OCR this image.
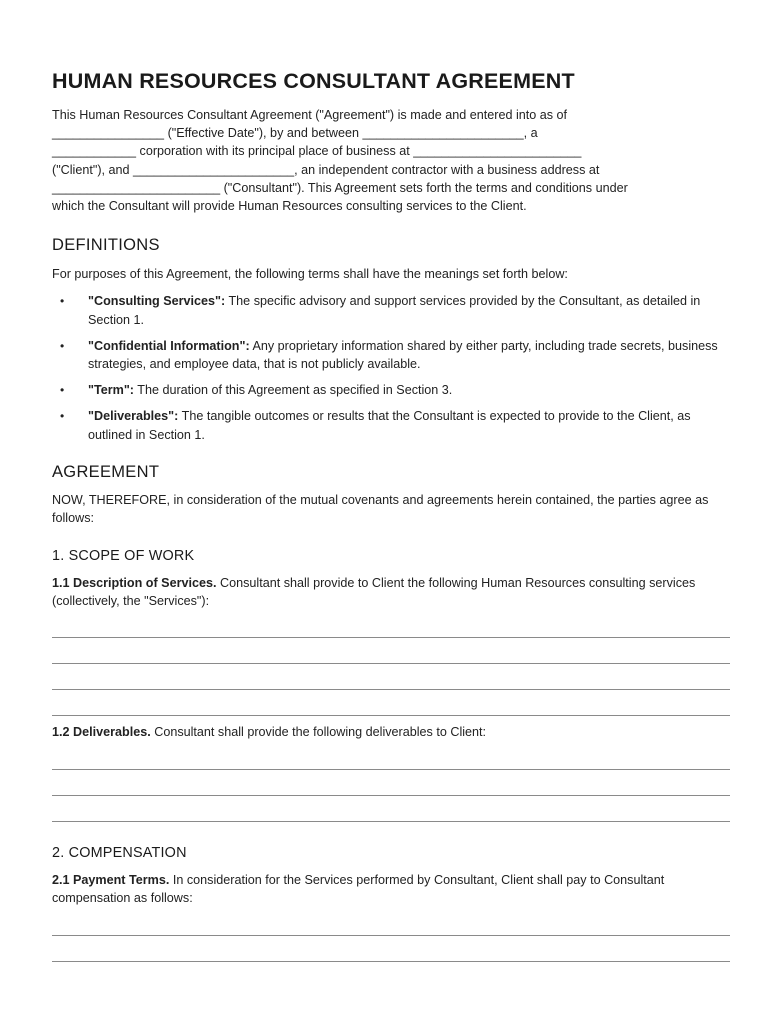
HUMAN RESOURCES CONSULTANT AGREEMENT

This Human Resources Consultant Agreement ("Agreement") is made and entered into as of

________________ ("Effective Date"), by and between _______________________, a

____________ corporation with its principal place of business at ________________________

("Client"), and _______________________, an independent contractor with a business address at

________________________ ("Consultant"). This Agreement sets forth the terms and conditions under

which the Consultant will provide Human Resources consulting services to the Client.

DEFINITIONS

For purposes of this Agreement, the following terms shall have the meanings set forth below:

• "Consulting Services": The specific advisory and support services provided by the Consultant, as detailed in Section 1.
• "Confidential Information": Any proprietary information shared by either party, including trade secrets, business strategies, and employee data, that is not publicly available.
• "Term": The duration of this Agreement as specified in Section 3.
• "Deliverables": The tangible outcomes or results that the Consultant is expected to provide to the Client, as outlined in Section 1.
AGREEMENT

NOW, THEREFORE, in consideration of the mutual covenants and agreements herein contained, the parties agree as follows:

1. SCOPE OF WORK

1.1 Description of Services. Consultant shall provide to Client the following Human Resources consulting services (collectively, the "Services"):

1.2 Deliverables. Consultant shall provide the following deliverables to Client:

2. COMPENSATION

2.1 Payment Terms. In consideration for the Services performed by Consultant, Client shall pay to Consultant compensation as follows:
